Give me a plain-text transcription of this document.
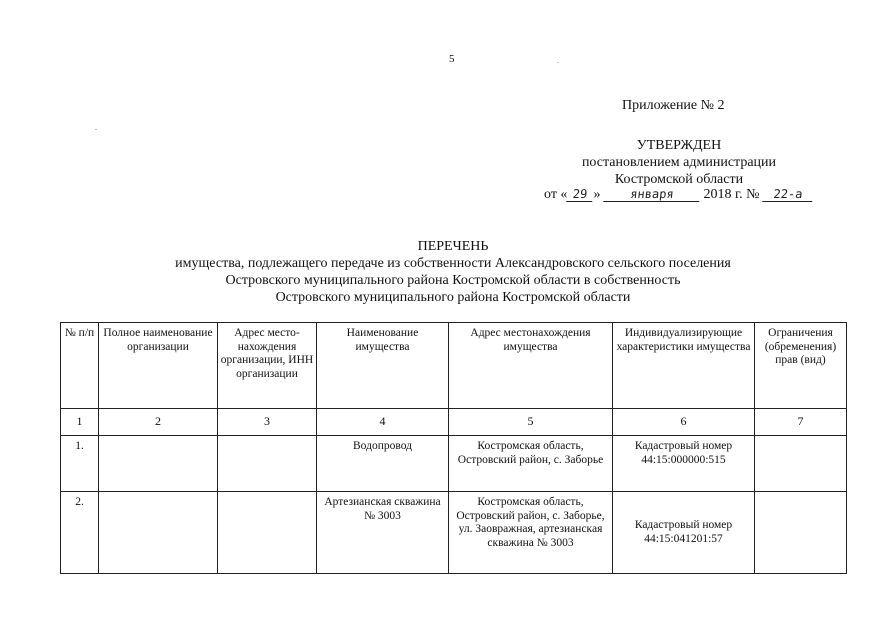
5
Приложение № 2
УТВЕРЖДЕН
постановлением администрации
Костромской области
от « 29 » января 2018 г. № 22-а
ПЕРЕЧЕНЬ
имущества, подлежащего передаче из собственности Александровского сельского поселения
Островского муниципального района Костромской области в собственность
Островского муниципального района Костромской области
№ п/п	Полное наименование организации	Адрес место-нахождения организации, ИНН организации	Наименование имущества	Адрес местонахождения имущества	Индивидуализирующие характеристики имущества	Ограничения (обременения) прав (вид)
1	2	3	4	5	6	7
1.			Водопровод	Костромская область, Островский район, с. Заборье	Кадастровый номер 44:15:000000:515	
2.			Артезианская скважина № 3003	Костромская область, Островский район, с. Заборье, ул. Заовражная, артезианская скважина № 3003	Кадастровый номер 44:15:041201:57	
